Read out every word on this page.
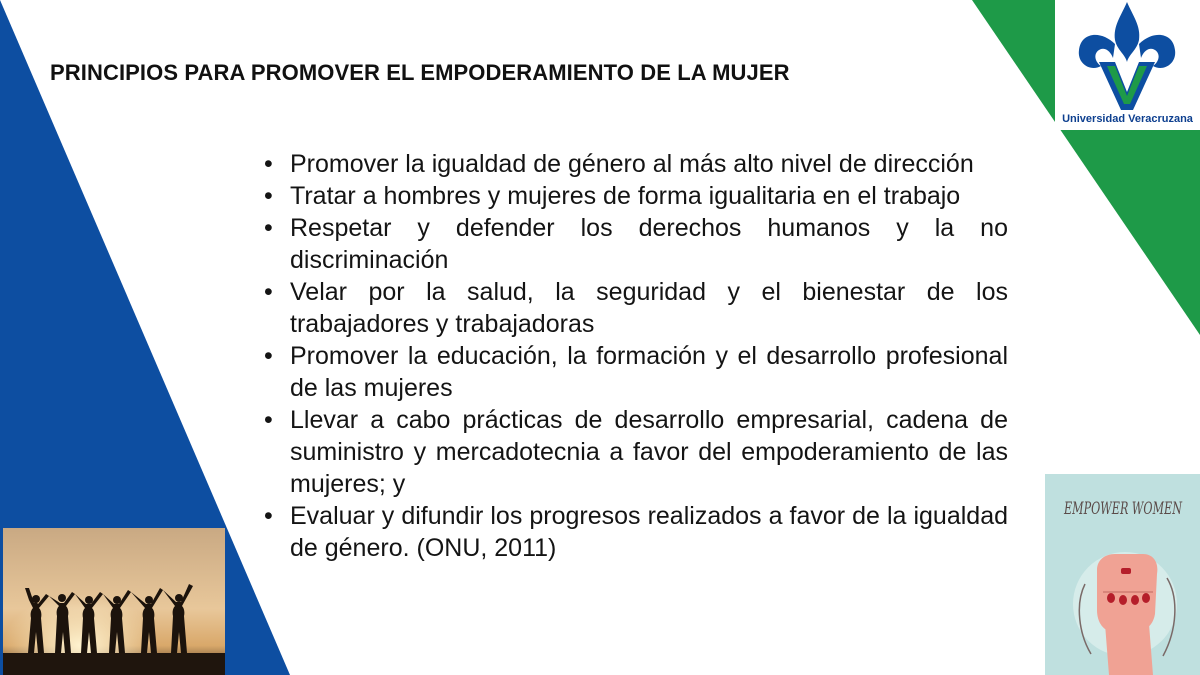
PRINCIPIOS PARA PROMOVER EL EMPODERAMIENTO DE LA MUJER
• Promover la igualdad de género al más alto nivel de dirección
• Tratar a hombres y mujeres de forma igualitaria en el trabajo
• Respetar y defender los derechos humanos y la no discriminación
• Velar por la salud, la seguridad y el bienestar de los trabajadores y trabajadoras
• Promover la educación, la formación y el desarrollo profesional de las mujeres
• Llevar a cabo prácticas de desarrollo empresarial, cadena de suministro y mercadotecnia a favor del empoderamiento de las mujeres; y
• Evaluar y difundir los progresos realizados a favor de la igualdad de género. (ONU, 2011)
Universidad Veracruzana
EMPOWER WOMEN
